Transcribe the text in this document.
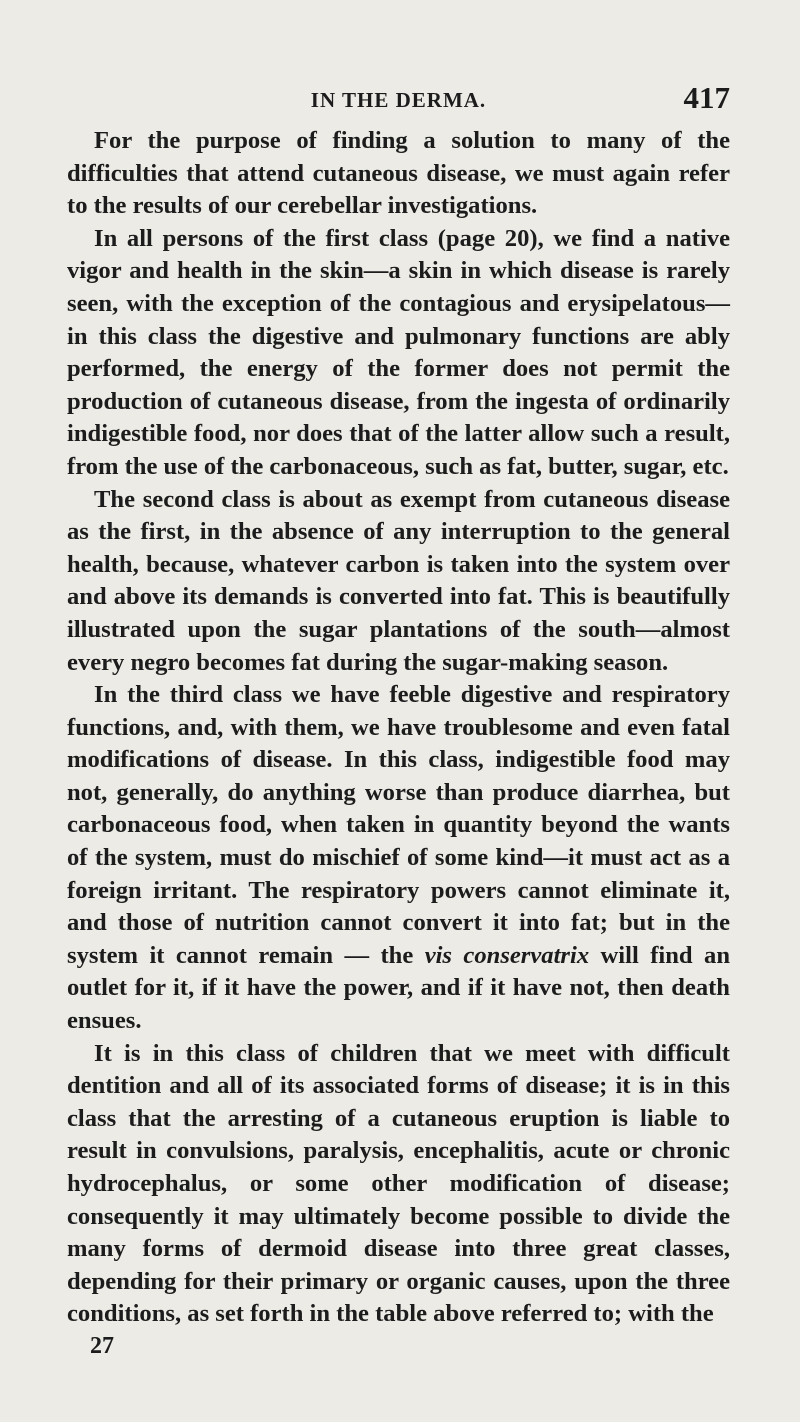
IN THE DERMA.	417

For the purpose of finding a solution to many of the difficulties that attend cutaneous disease, we must again refer to the results of our cerebellar investigations.

In all persons of the first class (page 20), we find a native vigor and health in the skin—a skin in which disease is rarely seen, with the exception of the contagious and erysipelatous—in this class the digestive and pulmonary functions are ably performed, the energy of the former does not permit the production of cutaneous disease, from the ingesta of ordinarily indigestible food, nor does that of the latter allow such a result, from the use of the carbonaceous, such as fat, butter, sugar, etc.

The second class is about as exempt from cutaneous disease as the first, in the absence of any interruption to the general health, because, whatever carbon is taken into the system over and above its demands is converted into fat. This is beautifully illustrated upon the sugar plantations of the south—almost every negro becomes fat during the sugar-making season.

In the third class we have feeble digestive and respiratory functions, and, with them, we have troublesome and even fatal modifications of disease. In this class, indigestible food may not, generally, do anything worse than produce diarrhea, but carbonaceous food, when taken in quantity beyond the wants of the system, must do mischief of some kind—it must act as a foreign irritant. The respiratory powers cannot eliminate it, and those of nutrition cannot convert it into fat; but in the system it cannot remain — the vis conservatrix will find an outlet for it, if it have the power, and if it have not, then death ensues.

It is in this class of children that we meet with difficult dentition and all of its associated forms of disease; it is in this class that the arresting of a cutaneous eruption is liable to result in convulsions, paralysis, encephalitis, acute or chronic hydrocephalus, or some other modification of disease; consequently it may ultimately become possible to divide the many forms of dermoid disease into three great classes, depending for their primary or organic causes, upon the three conditions, as set forth in the table above referred to; with the

27
